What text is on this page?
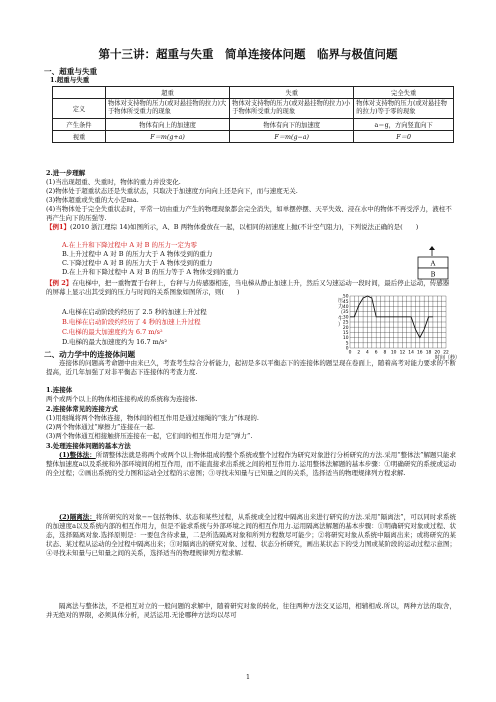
第十三讲：超重与失重　简单连接体问题　临界与极值问题
一、超重与失重
1.超重与失重
	超重	失重	完全失重
定义	物体对支持物的压力(或对悬挂物的拉力)大于物体所受重力的现象	物体对支持物的压力(或对悬挂物的拉力)小于物体所受重力的现象	物体对支持物的压力(或对悬挂物的拉力)等于零的现象
产生条件	物体有向上的加速度	物体有向下的加速度	a＝g，方向竖直向下
视重	F＝m(g+a)	F＝m(g−a)	F＝0
2.进一步理解
(1)当出现超重、失重时，物体的重力并没变化.
(2)物体处于超重状态还是失重状态，只取决于加速度方向向上还是向下，而与速度无关.
(3)物体超重或失重的大小是ma.
(4)当物体处于完全失重状态时，平常一切由重力产生的物理现象都会完全消失，如单摆停摆、天平失效、浸在水中的物体不再受浮力，液柱不再产生向下的压强等.
【例1】(2010 浙江理综 14)如图所示，A、B 两物体叠放在一起，以相同的初速度上抛(不计空气阻力)，下列说法正确的是(　　)
A.在上升和下降过程中 A 对 B 的压力一定为零
B.上升过程中 A 对 B 的压力大于 A 物体受到的重力
C.下降过程中 A 对 B 的压力大于 A 物体受到的重力
D.在上升和下降过程中 A 对 B 的压力等于 A 物体受到的重力
A
B
【例 2】在电梯中，把一重物置于台秤上，台秤与力传感器相连，当电梯从静止加速上升，然后又匀速运动一段时间，最后停止运动，传感器的屏幕上显示出其受到的压力与时间的关系图象如图所示，则(　　)
A.电梯在启动阶段约经历了 2.5 秒的加速上升过程
B.电梯在启动阶段约经历了 4 秒的加速上升过程
C.电梯的最大加速度约为 6.7 m/s²
D.电梯的最大加速度约为 16.7 m/s²
0
5
10
15
20
25
30
35
40
45
50
0 2 4 6 8 10 12 14 16 18 20 22
压力（牛）
时间（秒）
二、动力学中的连接体问题
连接体的问题高考命题中由来已久，考查考生综合分析能力，起初是多以平衡态下的连接体的题呈现在卷面上，随着高考对能力要求的不断提高，近几年加强了对非平衡态下连接体的考查力度.
1.连接体
两个或两个以上的物体相连接构成的系统称为连接体.
2.连接体常见的连接方式
(1)用细绳将两个物体连接，物体间的相互作用是通过细绳的“张力”体现的.
(2)两个物体通过“摩擦力”连接在一起.
(3)两个物体通互相接触挤压连接在一起，它们间的相互作用力是“弹力”.
3.处理连接体问题的基本方法
(1)整体法：所谓整体法就是将两个或两个以上物体组成的整个系统或整个过程作为研究对象进行分析研究的方法.采用“整体法”解题只能求整体加速度a以及系统和外部环境间的相互作用，而不能直接求出系统之间的相互作用力.运用整体法解题的基本步骤：①明确研究的系统或运动的全过程；②画出系统的受力图和运动全过程的示意图；③寻找未知量与已知量之间的关系，选择适当的物理规律列方程求解.
(2)隔离法：将所研究的对象−−包括物体、状态和某些过程，从系统或全过程中隔离出来进行研究的方法.采用“隔离法”，可以同时求系统的加速度a以及系统内部的相互作用力，但是不能求系统与外部环境之间的相互作用力.运用隔离法解题的基本步骤：①明确研究对象或过程、状态，选择隔离对象.选择原则是：一要包含待求量，二是所选隔离对象和所列方程数尽可能少；②将研究对象从系统中隔离出来；或将研究的某状态、某过程从运动的全过程中隔离出来；③对隔离出的研究对象、过程、状态分析研究，画出某状态下的受力图或某阶段的运动过程示意图；④寻找未知量与已知量之间的关系，选择适当的物理规律列方程求解.
隔离法与整体法，不是相互对立的一般问题的求解中，随着研究对象的转化，往往两种方法交叉运用，相辅相成.所以，两种方法的取舍，并无绝对的界限，必须具体分析，灵活运用.无论哪种方法均以尽可
1
